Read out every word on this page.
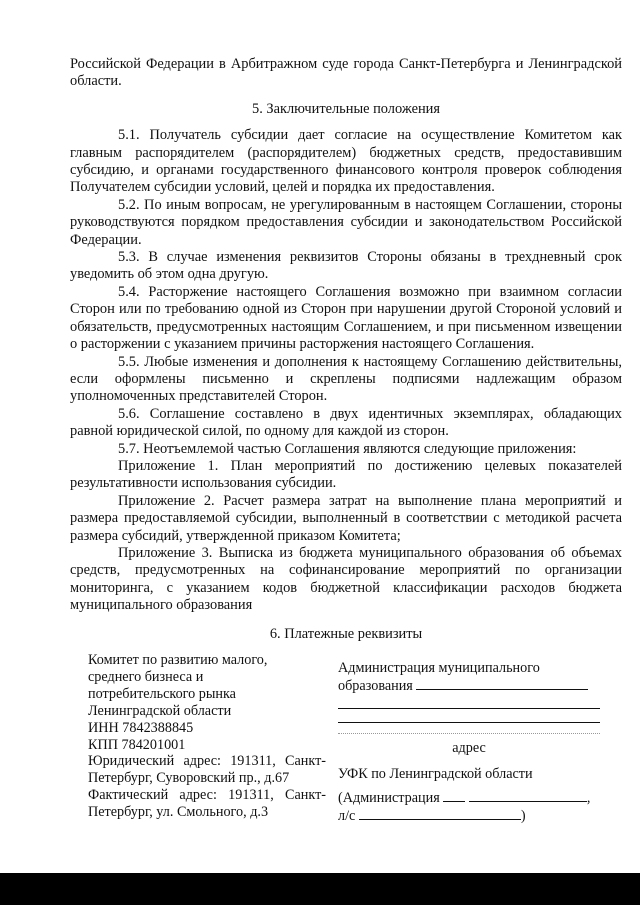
Российской Федерации в Арбитражном суде города Санкт-Петербурга и Ленинградской области.

5. Заключительные положения

5.1. Получатель субсидии дает согласие на осуществление Комитетом как главным распорядителем (распорядителем) бюджетных средств, предоставившим субсидию, и органами государственного финансового контроля проверок соблюдения Получателем субсидии условий, целей и порядка их предоставления.

5.2. По иным вопросам, не урегулированным в настоящем Соглашении, стороны руководствуются порядком предоставления субсидии и законодательством Российской Федерации.

5.3. В случае изменения реквизитов Стороны обязаны в трехдневный срок уведомить об этом одна другую.

5.4. Расторжение настоящего Соглашения возможно при взаимном согласии Сторон или по требованию одной из Сторон при нарушении другой Стороной условий и обязательств, предусмотренных настоящим Соглашением, и при письменном извещении о расторжении с указанием причины расторжения настоящего Соглашения.

5.5. Любые изменения и дополнения к настоящему Соглашению действительны, если оформлены письменно и скреплены подписями надлежащим образом уполномоченных представителей Сторон.

5.6. Соглашение составлено в двух идентичных экземплярах, обладающих равной юридической силой, по одному для каждой из сторон.

5.7. Неотъемлемой частью Соглашения являются следующие приложения:

Приложение 1. План мероприятий по достижению целевых показателей результативности использования субсидии.

Приложение 2. Расчет размера затрат на выполнение плана мероприятий и размера предоставляемой субсидии, выполненный в соответствии с методикой расчета размера субсидий, утвержденной приказом Комитета;

Приложение 3. Выписка из бюджета муниципального образования об объемах средств, предусмотренных на софинансирование мероприятий по организации мониторинга, с указанием кодов бюджетной классификации расходов бюджета муниципального образования

6. Платежные реквизиты
Комитет по развитию малого,
среднего бизнеса и
потребительского рынка
Ленинградской области
ИНН 7842388845
КПП 784201001
Юридический адрес: 191311, Санкт-
Петербург, Суворовский пр., д.67
Фактический адрес: 191311, Санкт-
Петербург, ул. Смольного, д.3
Администрация муниципального
образования
адрес
УФК по Ленинградской области
(Администрация	,
л/с	)
